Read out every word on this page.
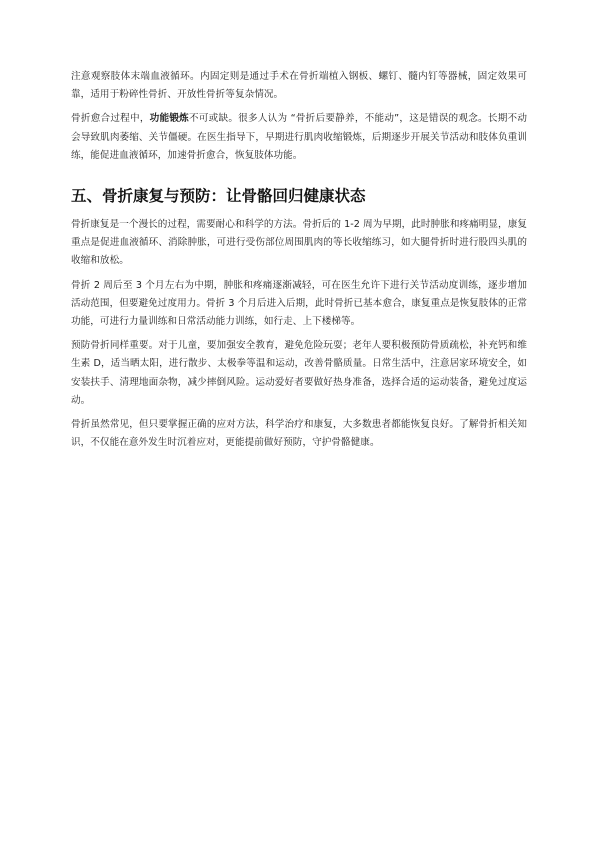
注意观察肢体末端血液循环。内固定则是通过手术在骨折端植入钢板、螺钉、髓内钉等器械，固定效果可靠，适用于粉碎性骨折、开放性骨折等复杂情况。

骨折愈合过程中，功能锻炼不可或缺。很多人认为 “骨折后要静养，不能动”，这是错误的观念。长期不动会导致肌肉萎缩、关节僵硬。在医生指导下，早期进行肌肉收缩锻炼，后期逐步开展关节活动和肢体负重训练，能促进血液循环，加速骨折愈合，恢复肢体功能。

五、骨折康复与预防：让骨骼回归健康状态

骨折康复是一个漫长的过程，需要耐心和科学的方法。骨折后的 1-2 周为早期，此时肿胀和疼痛明显，康复重点是促进血液循环、消除肿胀，可进行受伤部位周围肌肉的等长收缩练习，如大腿骨折时进行股四头肌的收缩和放松。

骨折 2 周后至 3 个月左右为中期，肿胀和疼痛逐渐减轻，可在医生允许下进行关节活动度训练，逐步增加活动范围，但要避免过度用力。骨折 3 个月后进入后期，此时骨折已基本愈合，康复重点是恢复肢体的正常功能，可进行力量训练和日常活动能力训练，如行走、上下楼梯等。

预防骨折同样重要。对于儿童，要加强安全教育，避免危险玩耍；老年人要积极预防骨质疏松，补充钙和维生素 D，适当晒太阳，进行散步、太极拳等温和运动，改善骨骼质量。日常生活中，注意居家环境安全，如安装扶手、清理地面杂物，减少摔倒风险。运动爱好者要做好热身准备，选择合适的运动装备，避免过度运动。

骨折虽然常见，但只要掌握正确的应对方法，科学治疗和康复，大多数患者都能恢复良好。了解骨折相关知识，不仅能在意外发生时沉着应对，更能提前做好预防，守护骨骼健康。
